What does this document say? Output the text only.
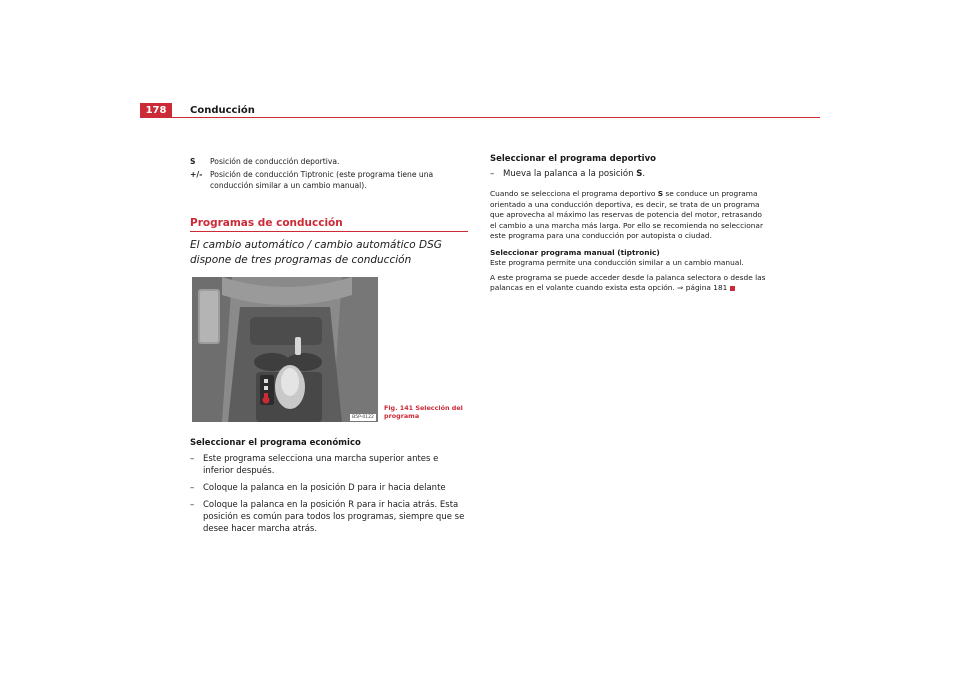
178	Conducción
S	Posición de conducción deportiva.
+/-	Posición de conducción Tiptronic (este programa tiene una conducción similar a un cambio manual).
Programas de conducción
El cambio automático / cambio automático DSG dispone de tres programas de conducción
B5P-0122
Fig. 141 Selección del programa
Seleccionar el programa económico
–	Este programa selecciona una marcha superior antes e inferior después.
–	Coloque la palanca en la posición D para ir hacia delante
–	Coloque la palanca en la posición R para ir hacia atrás. Esta posición es común para todos los programas, siempre que se desee hacer marcha atrás.
Seleccionar el programa deportivo
–	Mueva la palanca a la posición S.
Cuando se selecciona el programa deportivo S se conduce un programa orientado a una conducción deportiva, es decir, se trata de un programa que aprovecha al máximo las reservas de potencia del motor, retrasando el cambio a una marcha más larga. Por ello se recomienda no seleccionar este programa para una conducción por autopista o ciudad.
Seleccionar programa manual (tiptronic)
Este programa permite una conducción similar a un cambio manual.
A este programa se puede acceder desde la palanca selectora o desde las palancas en el volante cuando exista esta opción. ⇒ página 181
